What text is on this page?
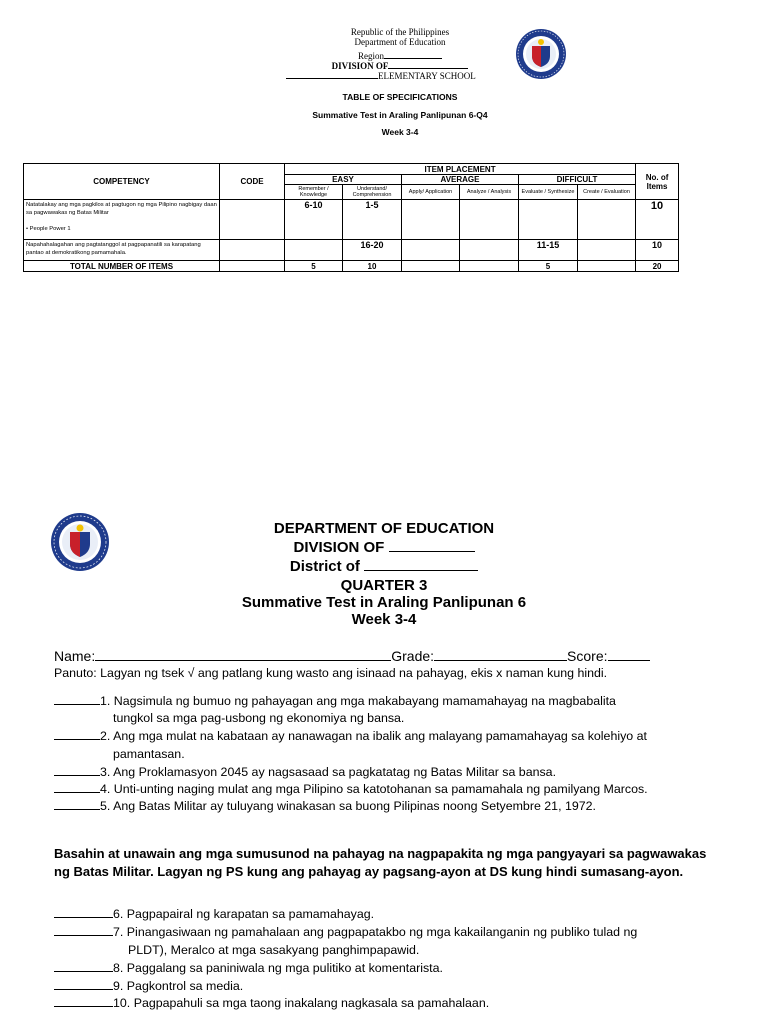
Republic of the Philippines
Department of Education
Region
DIVISION OF
ELEMENTARY SCHOOL
TABLE OF SPECIFICATIONS
Summative Test in Araling Panlipunan 6-Q4
Week 3-4
COMPETENCY	CODE	ITEM PLACEMENT						No. of Items
		EASY		AVERAGE		DIFFICULT		
		Remember / Knowledge	Understand/ Comprehension	Apply/ Application	Analyze / Analysis	Evaluate / Synthesize	Create / Evaluation	

Natatalakay ang mga pagkilos at pagtugon ng mga Pilipino nagbigay daan sa pagwawakas ng Batas Militar
• People Power 1		6-10	1-5					10
Napahahalagahan ang pagtatanggol at pagpapanatili sa karapatang pantao at demokratikong pamamahala.			16-20			11-15		10
TOTAL NUMBER OF ITEMS		5	10			5		20
DEPARTMENT OF EDUCATION
DIVISION OF
District of
QUARTER 3
Summative Test in Araling Panlipunan 6
Week 3-4
Name:	Grade:	Score:
Panuto: Lagyan ng tsek √ ang patlang kung wasto ang isinaad na pahayag, ekis x naman kung hindi.
1. Nagsimula ng bumuo ng pahayagan ang mga makabayang mamamahayag na magbabalita
tungkol sa mga pag-usbong ng ekonomiya ng bansa.
2. Ang mga mulat na kabataan ay nanawagan na ibalik ang malayang pamamahayag sa kolehiyo at
pamantasan.
3. Ang Proklamasyon 2045 ay nagsasaad sa pagkatatag ng Batas Militar sa bansa.
4. Unti-unting naging mulat ang mga Pilipino sa katotohanan sa pamamahala ng pamilyang Marcos.
5. Ang Batas Militar ay tuluyang winakasan sa buong Pilipinas noong Setyembre 21, 1972.
Basahin at unawain ang mga sumusunod na pahayag na nagpapakita ng mga pangyayari sa pagwawakas ng Batas Militar. Lagyan ng PS kung ang pahayag ay pagsang-ayon at DS kung hindi sumasang-ayon.
6. Pagpapairal ng karapatan sa pamamahayag.
7. Pinangasiwaan ng pamahalaan ang pagpapatakbo ng mga kakailanganin ng publiko tulad ng
PLDT), Meralco at mga sasakyang panghimpapawid.
8. Paggalang sa paniniwala ng mga pulitiko at komentarista.
9. Pagkontrol sa media.
10. Pagpapahuli sa mga taong inakalang nagkasala sa pamahalaan.
